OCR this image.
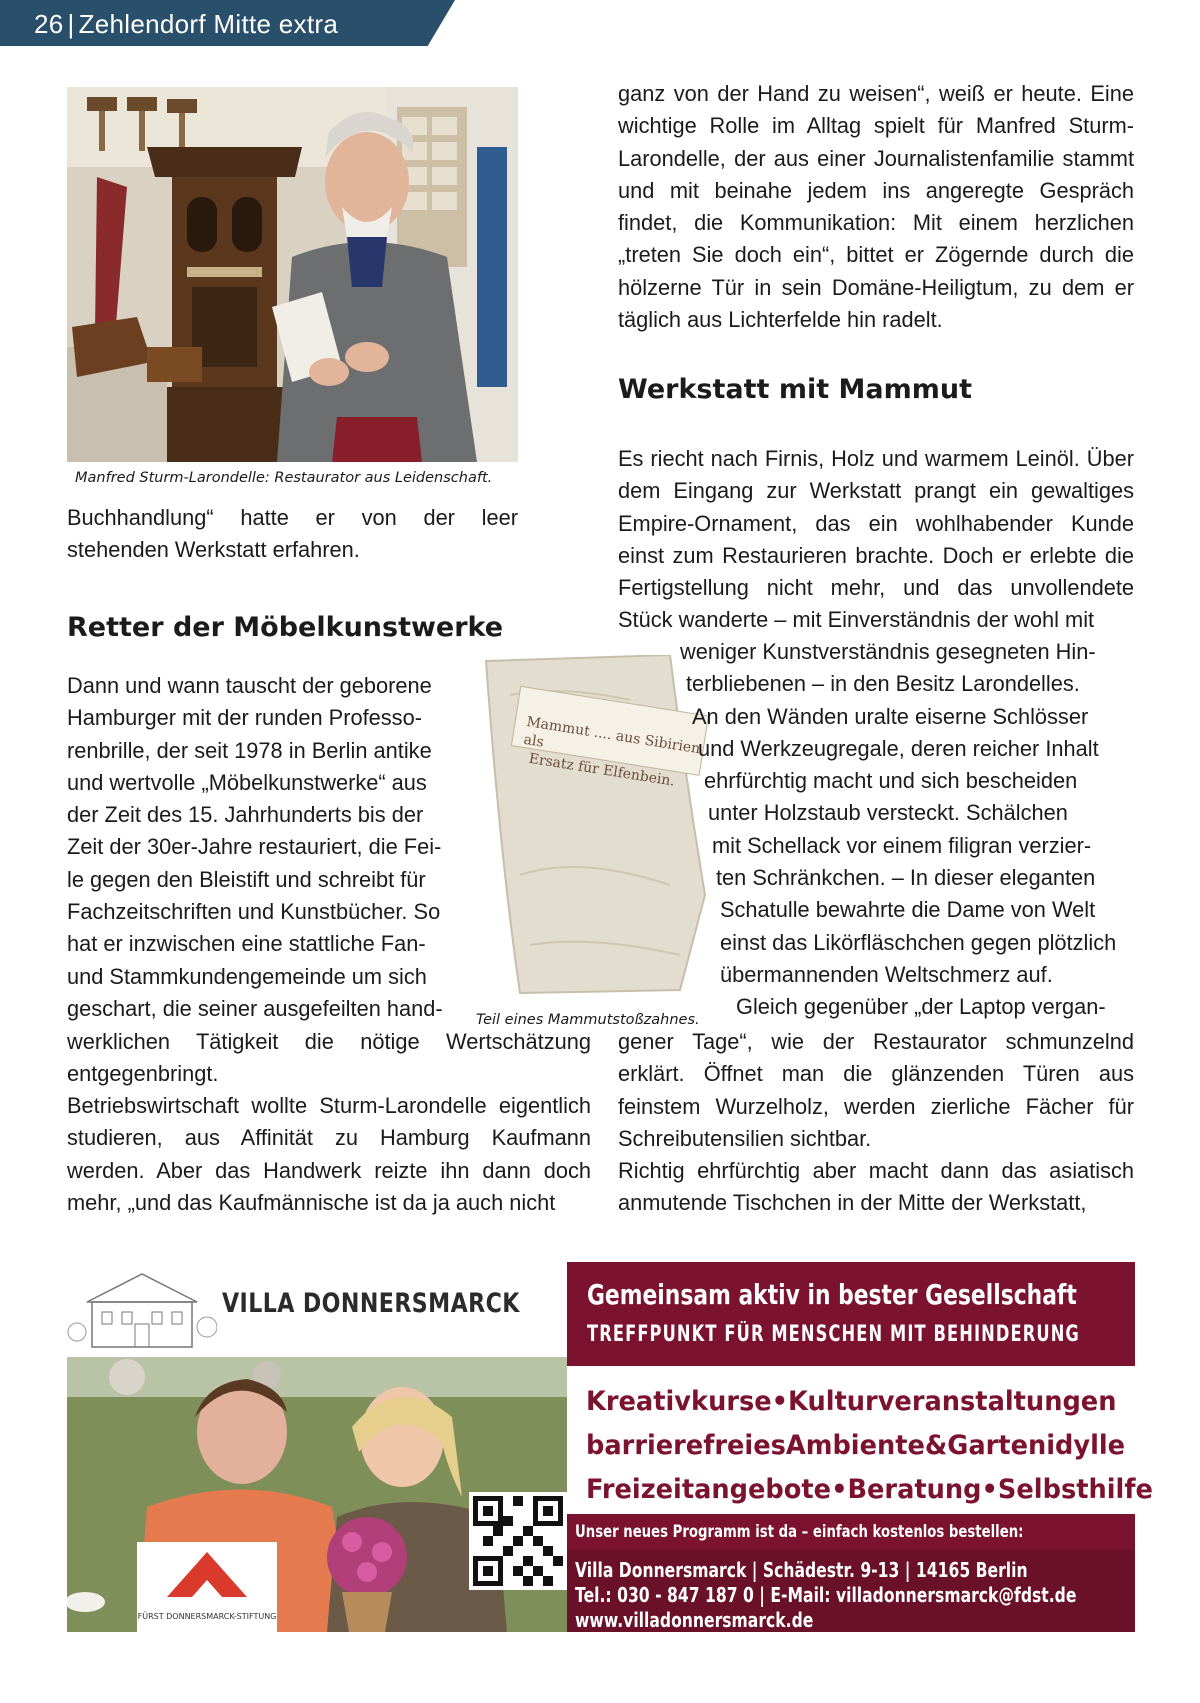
26 | Zehlendorf Mitte extra
Manfred Sturm-Larondelle: Restaurator aus Leidenschaft.

Buchhandlung“ hatte er von der leer stehenden Werkstatt erfahren.

Retter der Möbelkunstwerke
Dann und wann tauscht der geborene
Hamburger mit der runden Professo-
renbrille, der seit 1978 in Berlin antike
und wertvolle „Möbelkunstwerke“ aus
der Zeit des 15. Jahrhunderts bis der
Zeit der 30er-Jahre restauriert, die Fei-
le gegen den Bleistift und schreibt für
Fachzeitschriften und Kunstbücher. So
hat er inzwischen eine stattliche Fan-
und Stammkundengemeinde um sich
geschart, die seiner ausgefeilten hand-

werklichen Tätigkeit die nötige Wertschätzung entgegenbringt.

Betriebswirtschaft wollte Sturm-Larondelle eigentlich studieren, aus Affinität zu Hamburg Kaufmann werden. Aber das Handwerk reizte ihn dann doch mehr, „und das Kaufmännische ist da ja auch nicht

Mammut .... aus Sibirien als
Ersatz für Elfenbein.
Teil eines Mammutstoßzahnes.

ganz von der Hand zu weisen“, weiß er heute. Eine wichtige Rolle im Alltag spielt für Manfred Sturm-Larondelle, der aus einer Journalistenfamilie stammt und mit beinahe jedem ins angeregte Gespräch findet, die Kommunikation: Mit einem herzlichen „treten Sie doch ein“, bittet er Zögernde durch die hölzerne Tür in sein Domäne-Heiligtum, zu dem er täglich aus Lichterfelde hin radelt.

Werkstatt mit Mammut

Es riecht nach Firnis, Holz und warmem Leinöl. Über dem Eingang zur Werkstatt prangt ein gewaltiges Empire-Ornament, das ein wohlhabender Kunde einst zum Restaurieren brachte. Doch er erlebte die Fertigstellung nicht mehr, und das unvollendete Stück wanderte – mit Einverständnis der wohl mit

weniger Kunstverständnis gesegneten Hin-
terbliebenen – in den Besitz Larondelles.
An den Wänden uralte eiserne Schlösser
und Werkzeugregale, deren reicher Inhalt
ehrfürchtig macht und sich bescheiden
unter Holzstaub versteckt. Schälchen
mit Schellack vor einem filigran verzier-
ten Schränkchen. – In dieser eleganten
Schatulle bewahrte die Dame von Welt
einst das Likörfläschchen gegen plötzlich
übermannenden Weltschmerz auf.
Gleich gegenüber „der Laptop vergan-

gener Tage“, wie der Restaurator schmunzelnd erklärt. Öffnet man die glänzenden Türen aus feinstem Wurzelholz, werden zierliche Fächer für Schreibutensilien sichtbar.

Richtig ehrfürchtig aber macht dann das asiatisch anmutende Tischchen in der Mitte der Werkstatt,

FÜRST DONNERSMARCK-STIFTUNG
VILLA DONNERSMARCK Gemeinsam aktiv in bester Gesellschaft
TREFFPUNKT FÜR MENSCHEN MIT BEHINDERUNG
Kreativkurse • Kulturveranstaltungen
barrierefreies Ambiente & Gartenidylle
Freizeitangebote • Beratung • Selbsthilfe
Unser neues Programm ist da – einfach kostenlos bestellen:
Villa Donnersmarck | Schädestr. 9-13 | 14165 Berlin
Tel.: 030 - 847 187 0 | E-Mail: villadonnersmarck@fdst.de
www.villadonnersmarck.de
